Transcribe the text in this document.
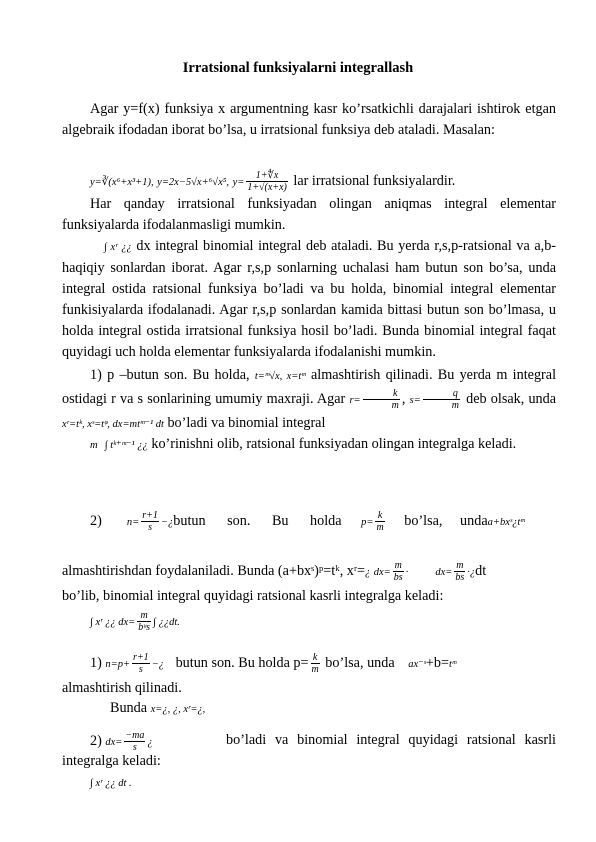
Irratsional funksiyalarni integrallash
Agar y=f(x) funksiya x argumentning kasr ko’rsatkichli darajalari ishtirok etgan algebraik ifodadan iborat bo’lsa, u irratsional funksiya deb ataladi. Masalan:
y=∛(x⁶+x³+1), y=2x−5√x+⁶√x⁵, $y= \frac{1+∜x}{1+√(x+x)}$ lar irratsional funksiyalardir.
Har qanday irratsional funksiyadan olingan aniqmas integral elementar funksiyalarda ifodalanmasligi mumkin.
∫ xʳ ¿¿ dx integral binomial integral deb ataladi. Bu yerda r,s,p-ratsional va a,b-haqiqiy sonlardan iborat. Agar r,s,p sonlarning uchalasi ham butun son bo’sa, unda integral ostida ratsional funksiya bo’ladi va bu holda, binomial integral elementar funkisiyalarda ifodalanadi. Agar r,s,p sonlardan kamida bittasi butun son bo’lmasa, u holda integral ostida irratsional funksiya hosil bo’ladi. Bunda binomial integral faqat quyidagi uch holda elementar funksiyalarda ifodalanishi mumkin.
1) p –butun son. Bu holda, t=ᵐ√x, x=tᵐ almashtirish qilinadi. Bu yerda m integral ostidagi r va s sonlarining umumiy maxraji. Agar $r= \frac{k}{m}$ , $s= \frac{q}{m}$ deb olsak, unda xʳ=tᵏ, xˢ=tᵠ, dx=mtᵐ⁻¹ dt bo’ladi va binomial integral
m ∫ tᵏ⁺ᵐ⁻¹ ¿¿ ko’rinishni olib, ratsional funksiyadan olingan integralga keladi.
2) $n= \frac{r+1}{s}$ −¿butun son. Bu holda $p= \frac{k}{m}$ bo’lsa, undaa+bxˢ¿tᵐ
almashtirishdan foydalaniladi. Bunda (a+bxˢ)ᵖ=tᵏ, xʳ=¿ $dx= \frac{m}{bs}$ ·	$dx= \frac{m}{bs}$ ·¿dt
bo’lib, binomial integral quyidagi ratsional kasrli integralga keladi:
∫ xʳ ¿¿ $dx= \frac{m}{\text{bᵘs}}$ ∫ ¿¿dt.
1) $n=p+ \frac{r+1}{s}$ −¿ butun son. Bu holda $p= \frac{k}{m}$ bo’lsa, unda ax⁻ˢ+b=tᵐ
almashtirish qilinadi.
Bunda x=¿, ¿, xʳ=¿,
2) $dx= \frac{-ma}{s}$ ¿	bo’ladi va binomial integral quyidagi ratsional kasrli integralga keladi:
∫ xʳ ¿¿ dt .
